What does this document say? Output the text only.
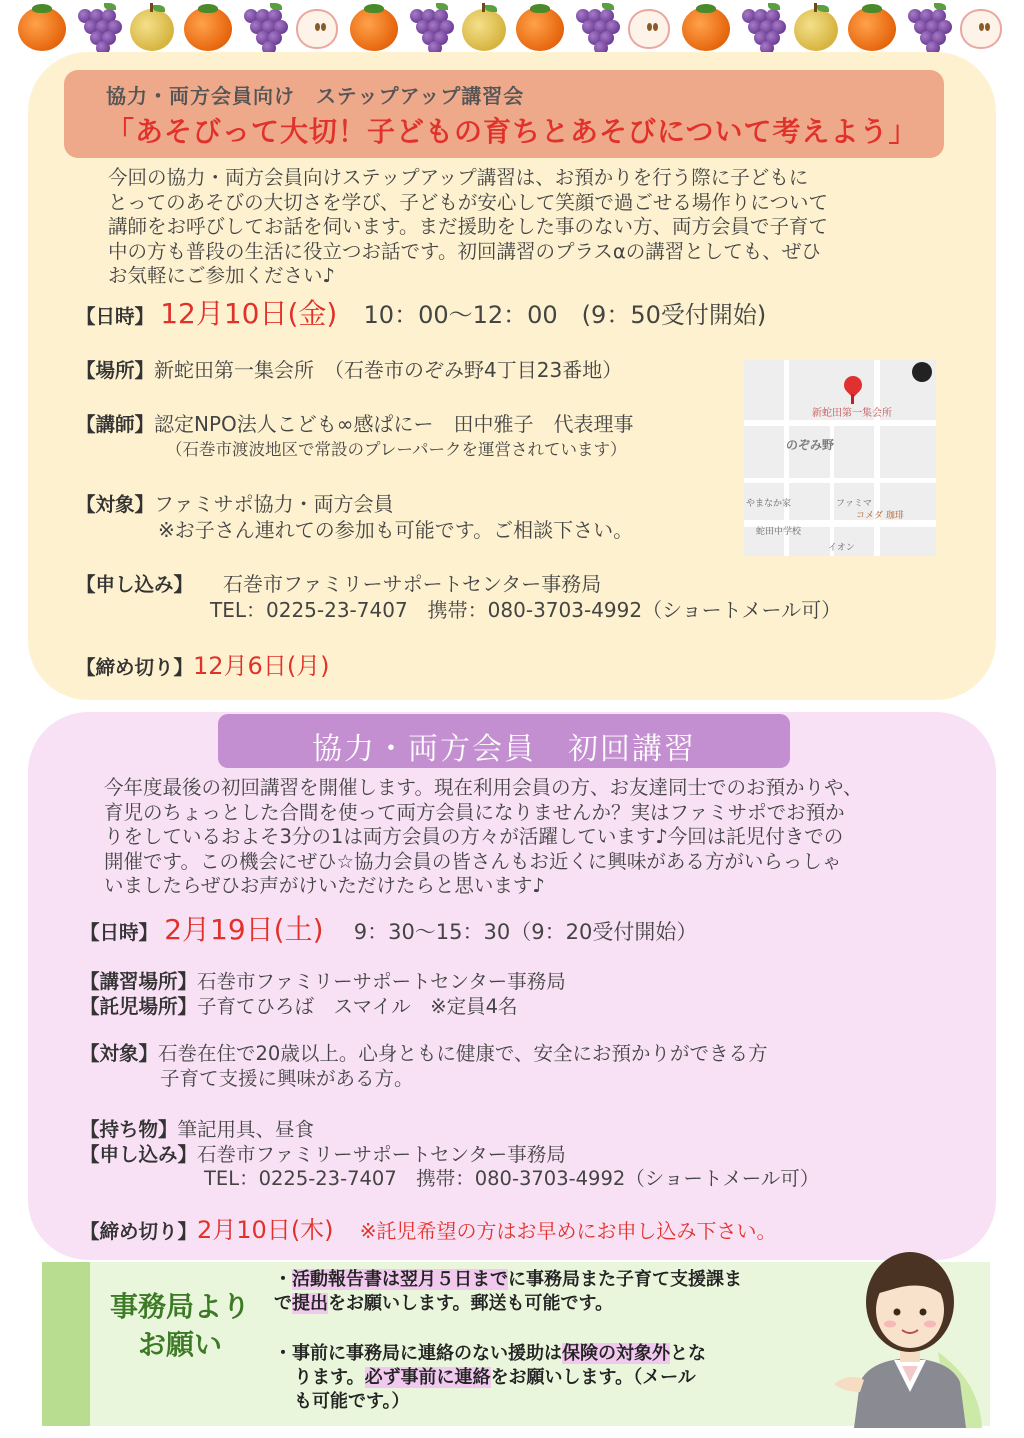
協力・両方会員向け　ステップアップ講習会
「あそびって大切！子どもの育ちとあそびについて考えよう」
今回の協力・両方会員向けステップアップ講習は、お預かりを行う際に子どもに
とってのあそびの大切さを学び、子どもが安心して笑顔で過ごせる場作りについて
講師をお呼びしてお話を伺います。まだ援助をした事のない方、両方会員で子育て
中の方も普段の生活に役立つお話です。初回講習のプラスαの講習としても、ぜひ
お気軽にご参加ください♪
【日時】 12月10日(金) 10：00〜12：00　(9：50受付開始)
【場所】新蛇田第一集会所　（石巻市のぞみ野4丁目23番地）
【講師】認定NPO法人こども∞感ぱにー　田中雅子　代表理事
（石巻市渡波地区で常設のプレーパークを運営されています）
【対象】ファミサポ協力・両方会員
※お子さん連れての参加も可能です。ご相談下さい。
【申し込み】 石巻市ファミリーサポートセンター事務局
TEL：0225-23-7407　携帯：080-3703-4992（ショートメール可）
【締め切り】12月6日(月)
新蛇田第一集会所
のぞみ野
やまなか家	ファミマ
コメダ 珈琲
蛇田中学校
イオン
協力・両方会員　初回講習
今年度最後の初回講習を開催します。現在利用会員の方、お友達同士でのお預かりや、
育児のちょっとした合間を使って両方会員になりませんか？実はファミサポでお預か
りをしているおよそ3分の1は両方会員の方々が活躍しています♪今回は託児付きでの
開催です。この機会にぜひ☆協力会員の皆さんもお近くに興味がある方がいらっしゃ
いましたらぜひお声がけいただけたらと思います♪
【日時】 2月19日(土) 9：30〜15：30（9：20受付開始）
【講習場所】石巻市ファミリーサポートセンター事務局
【託児場所】子育てひろば　スマイル　※定員4名
【対象】石巻在住で20歳以上。心身ともに健康で、安全にお預かりができる方
子育て支援に興味がある方。
【持ち物】筆記用具、昼食
【申し込み】石巻市ファミリーサポートセンター事務局
TEL：0225-23-7407　携帯：080-3703-4992（ショートメール可）
【締め切り】2月10日(木) ※託児希望の方はお早めにお申し込み下さい。
事務局より
お願い
・活動報告書は翌月５日までに事務局また子育て支援課ま
で提出をお願いします。郵送も可能です。
・事前に事務局に連絡のない援助は保険の対象外とな
ります。必ず事前に連絡をお願いします。（メール
も可能です。）
